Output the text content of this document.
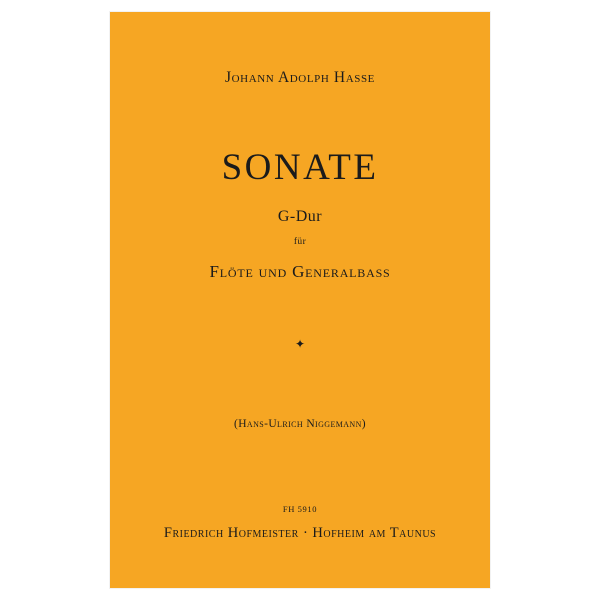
Johann Adolph Hasse
SONATE
G-Dur
für
Flöte und Generalbass
✦
(Hans-Ulrich Niggemann)
FH 5910
Friedrich Hofmeister · Hofheim am Taunus
